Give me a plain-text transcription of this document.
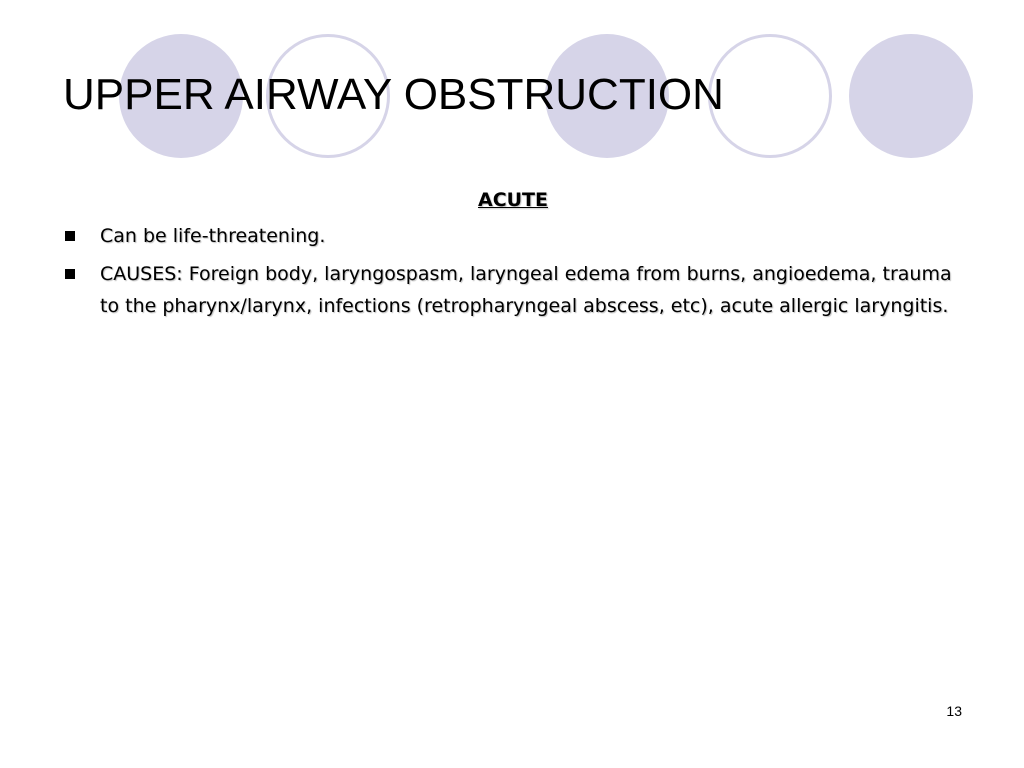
UPPER AIRWAY OBSTRUCTION
ACUTE
Can be life-threatening.
CAUSES: Foreign body, laryngospasm, laryngeal edema from burns, angioedema, trauma to the pharynx/larynx, infections (retropharyngeal abscess, etc), acute allergic laryngitis.
13
